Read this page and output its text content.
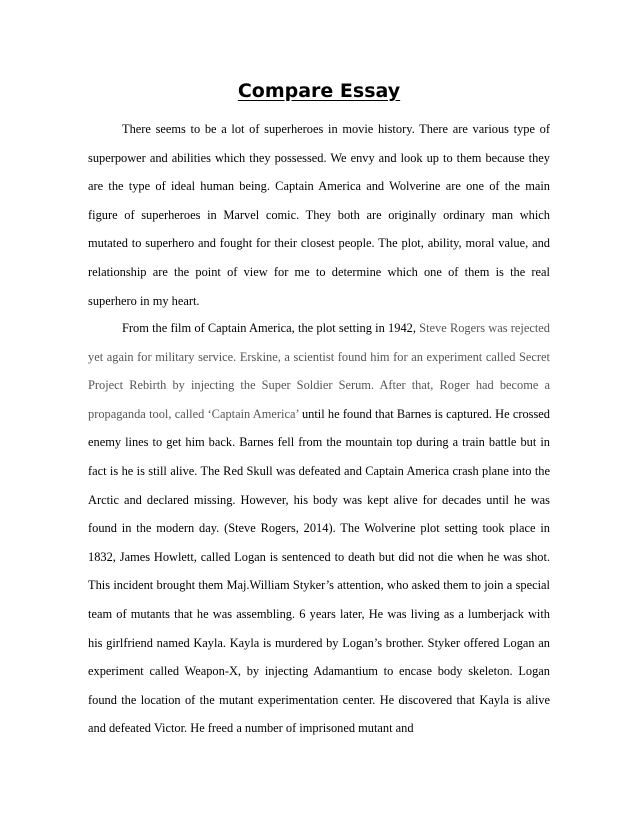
Compare Essay

There seems to be a lot of superheroes in movie history. There are various type of superpower and abilities which they possessed. We envy and look up to them because they are the type of ideal human being. Captain America and Wolverine are one of the main figure of superheroes in Marvel comic. They both are originally ordinary man which mutated to superhero and fought for their closest people. The plot, ability, moral value, and relationship are the point of view for me to determine which one of them is the real superhero in my heart.

From the film of Captain America, the plot setting in 1942, Steve Rogers was rejected yet again for military service. Erskine, a scientist found him for an experiment called Secret Project Rebirth by injecting the Super Soldier Serum. After that, Roger had become a propaganda tool, called ‘Captain America’ until he found that Barnes is captured. He crossed enemy lines to get him back. Barnes fell from the mountain top during a train battle but in fact is he is still alive. The Red Skull was defeated and Captain America crash plane into the Arctic and declared missing. However, his body was kept alive for decades until he was found in the modern day. (Steve Rogers, 2014). The Wolverine plot setting took place in 1832, James Howlett, called Logan is sentenced to death but did not die when he was shot. This incident brought them Maj.William Styker’s attention, who asked them to join a special team of mutants that he was assembling. 6 years later, He was living as a lumberjack with his girlfriend named Kayla. Kayla is murdered by Logan’s brother. Styker offered Logan an experiment called Weapon-X, by injecting Adamantium to encase body skeleton. Logan found the location of the mutant experimentation center. He discovered that Kayla is alive and defeated Victor. He freed a number of imprisoned mutant and
